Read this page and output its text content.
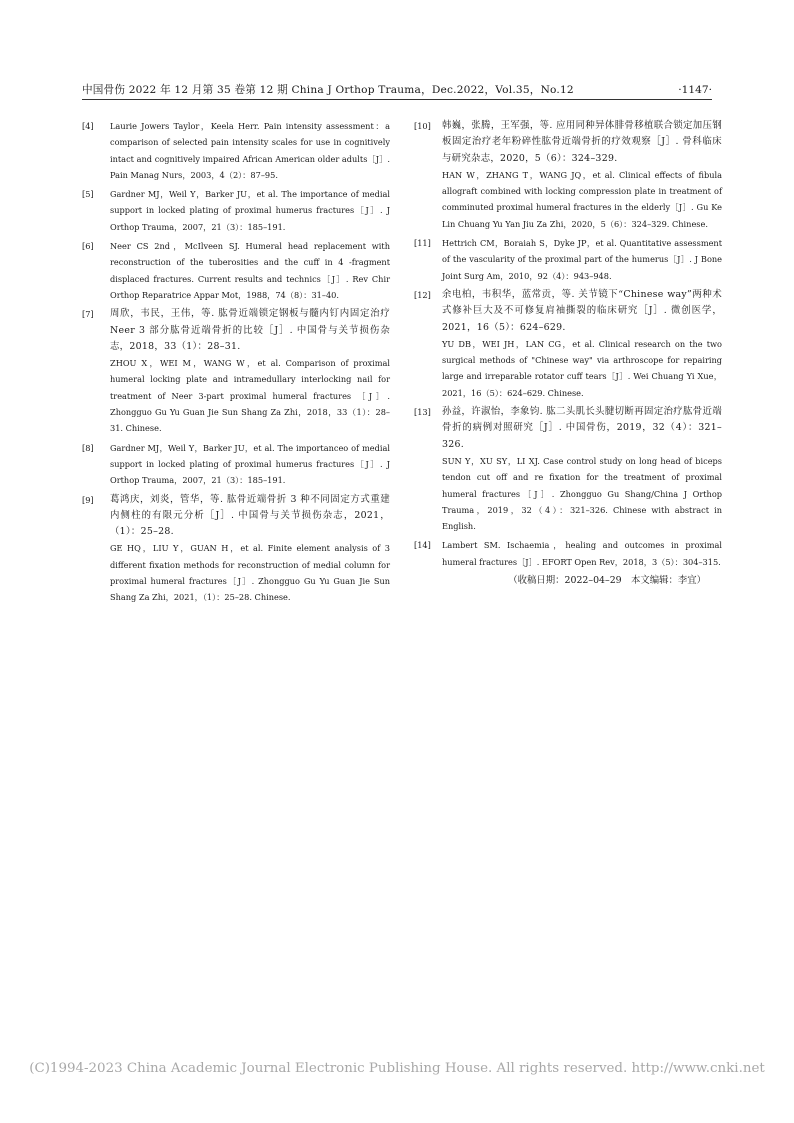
中国骨伤 2022 年 12 月第 35 卷第 12 期 China J Orthop Trauma，Dec.2022，Vol.35，No.12	·1147·
[4] Laurie Jowers Taylor，Keela Herr. Pain intensity assessment：a comparison of selected pain intensity scales for use in cognitively intact and cognitively impaired African American older adults［J］. Pain Manag Nurs，2003，4（2）：87–95.
[5] Gardner MJ，Weil Y，Barker JU，et al. The importance of medial support in locked plating of proximal humerus fractures［J］. J Orthop Trauma，2007，21（3）：185–191.
[6] Neer CS 2nd，McIlveen SJ. Humeral head replacement with reconstruction of the tuberosities and the cuff in 4 -fragment displaced fractures. Current results and technics［J］. Rev Chir Orthop Reparatrice Appar Mot，1988，74（8）：31–40.
[7] 周欣，韦民，王伟，等. 肱骨近端锁定钢板与髓内钉内固定治疗 Neer 3 部分肱骨近端骨折的比较［J］. 中国骨与关节损伤杂志，2018，33（1）：28–31.
ZHOU X，WEI M，WANG W，et al. Comparison of proximal humeral locking plate and intramedullary interlocking nail for treatment of Neer 3-part proximal humeral fractures ［J］. Zhongguo Gu Yu Guan Jie Sun Shang Za Zhi，2018，33（1）：28–31. Chinese.
[8] Gardner MJ，Weil Y，Barker JU，et al. The importanceo of medial support in locked plating of proximal humerus fractures［J］. J Orthop Trauma，2007，21（3）：185–191.
[9] 葛鸿庆，刘炎，管华，等. 肱骨近端骨折 3 种不同固定方式重建内侧柱的有限元分析［J］. 中国骨与关节损伤杂志，2021，（1）：25–28.
GE HQ，LIU Y，GUAN H，et al. Finite element analysis of 3 different fixation methods for reconstruction of medial column for proximal humeral fractures［J］. Zhongguo Gu Yu Guan Jie Sun Shang Za Zhi，2021，（1）：25–28. Chinese.
[10] 韩巍，张腾，王军强，等. 应用同种异体腓骨移植联合锁定加压钢板固定治疗老年粉碎性肱骨近端骨折的疗效观察［J］. 骨科临床与研究杂志，2020，5（6）：324–329.
HAN W，ZHANG T，WANG JQ，et al. Clinical effects of fibula allograft combined with locking compression plate in treatment of comminuted proximal humeral fractures in the elderly［J］. Gu Ke Lin Chuang Yu Yan Jiu Za Zhi，2020，5（6）：324–329. Chinese.
[11] Hettrich CM，Boraiah S，Dyke JP，et al. Quantitative assessment of the vascularity of the proximal part of the humerus［J］. J Bone Joint Surg Am，2010，92（4）：943–948.
[12] 余电柏，韦积华，蓝常贡，等. 关节镜下“Chinese way”两种术式修补巨大及不可修复肩袖撕裂的临床研究［J］. 微创医学，2021，16（5）：624–629.
YU DB，WEI JH，LAN CG，et al. Clinical research on the two surgical methods of "Chinese way" via arthroscope for repairing large and irreparable rotator cuff tears［J］. Wei Chuang Yi Xue，2021，16（5）：624–629. Chinese.
[13] 孙益，许淑怡，李象钧. 肱二头肌长头腱切断再固定治疗肱骨近端骨折的病例对照研究［J］. 中国骨伤，2019，32（4）：321–326.
SUN Y，XU SY，LI XJ. Case control study on long head of biceps tendon cut off and re fixation for the treatment of proximal humeral fractures［J］. Zhongguo Gu Shang/China J Orthop Trauma，2019，32（4）：321–326. Chinese with abstract in English.
[14] Lambert SM. Ischaemia，healing and outcomes in proximal humeral fractures［J］. EFORT Open Rev，2018，3（5）：304–315.
（收稿日期：2022–04–29　本文编辑：李宜）
(C)1994-2023 China Academic Journal Electronic Publishing House. All rights reserved. http://www.cnki.net
